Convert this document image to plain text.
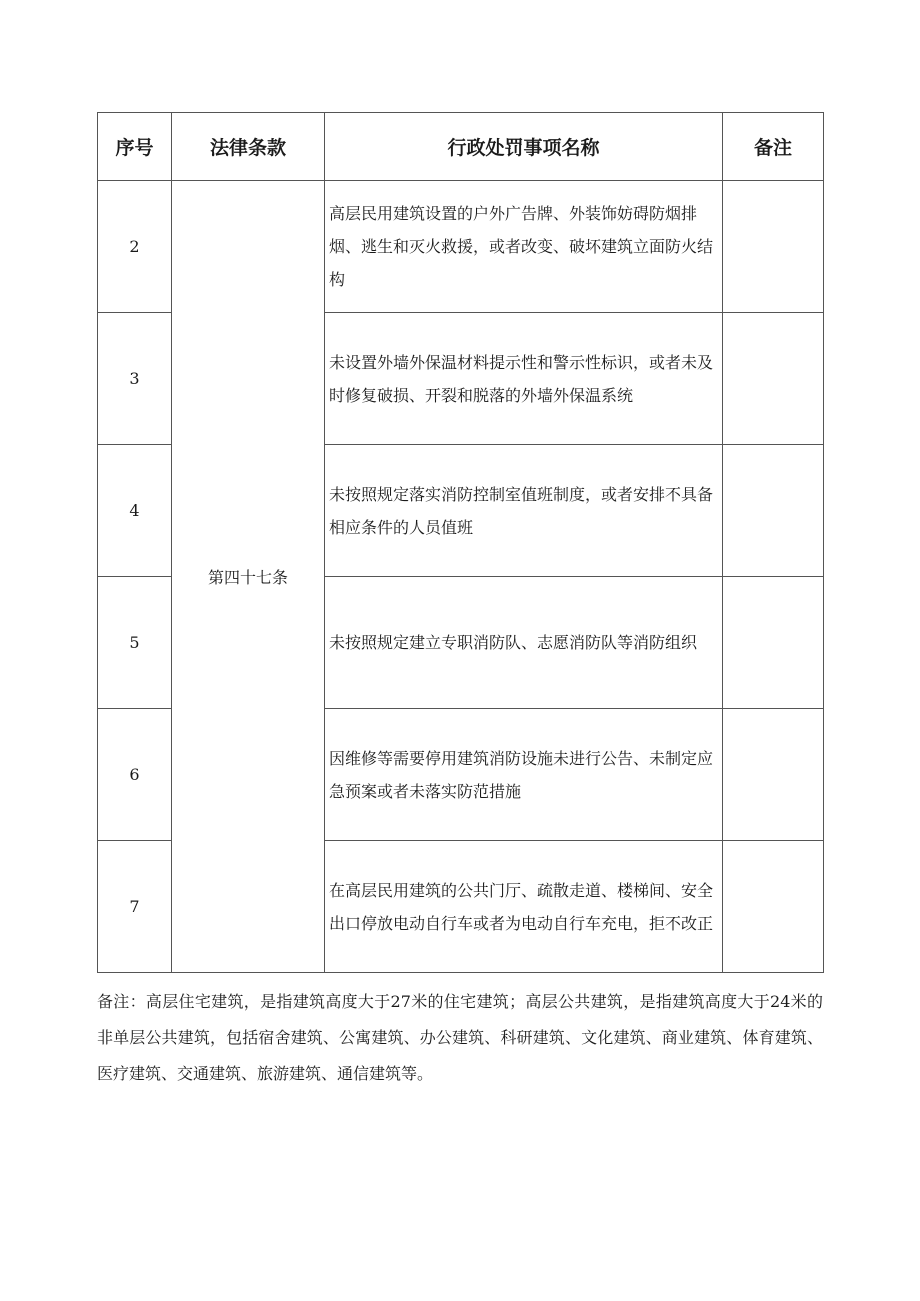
序号	法律条款	行政处罚事项名称	备注
2	第四十七条	高层民用建筑设置的户外广告牌、外装饰妨碍防烟排烟、逃生和灭火救援，或者改变、破坏建筑立面防火结构	
3		未设置外墙外保温材料提示性和警示性标识，或者未及时修复破损、开裂和脱落的外墙外保温系统	
4		未按照规定落实消防控制室值班制度，或者安排不具备相应条件的人员值班	
5		未按照规定建立专职消防队、志愿消防队等消防组织	
6		因维修等需要停用建筑消防设施未进行公告、未制定应急预案或者未落实防范措施	
7		在高层民用建筑的公共门厅、疏散走道、楼梯间、安全出口停放电动自行车或者为电动自行车充电，拒不改正	

备注：高层住宅建筑，是指建筑高度大于27米的住宅建筑；高层公共建筑，是指建筑高度大于24米的非单层公共建筑，包括宿舍建筑、公寓建筑、办公建筑、科研建筑、文化建筑、商业建筑、体育建筑、医疗建筑、交通建筑、旅游建筑、通信建筑等。
